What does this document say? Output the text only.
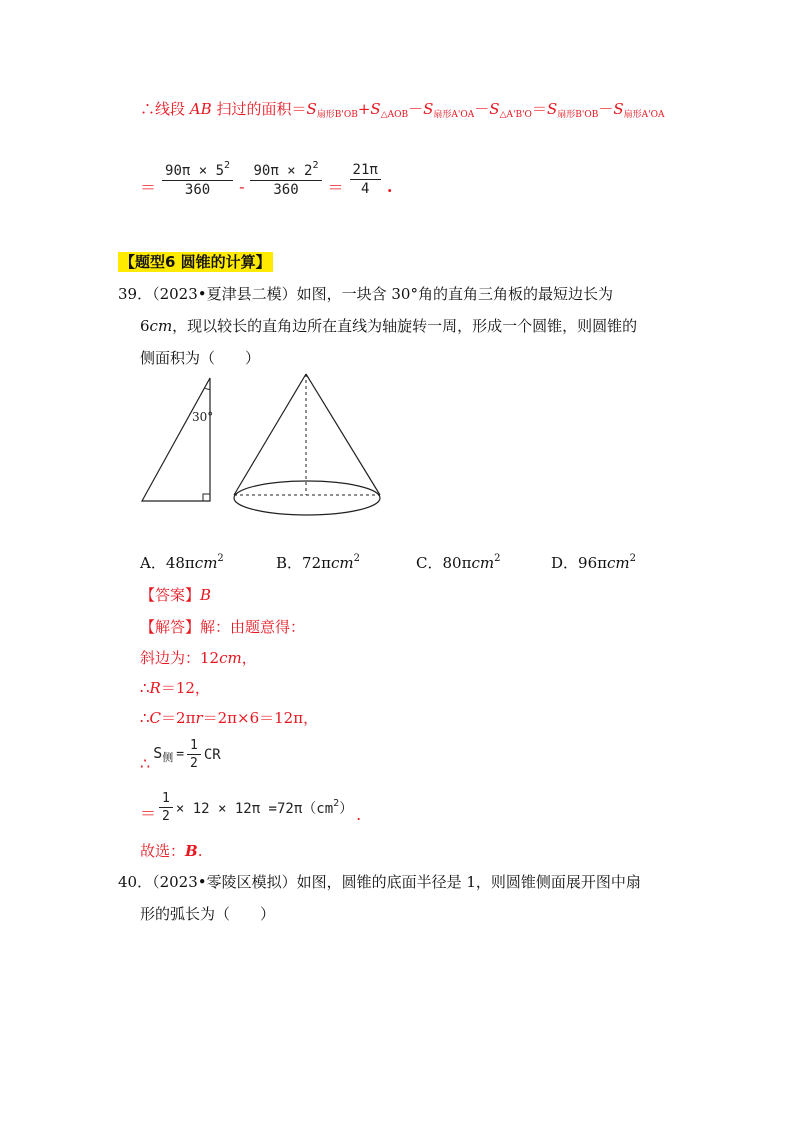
∴线段 AB 扫过的面积$=S_{扇形B'OB}+S_{\triangle AOB}-S_{扇形A'OA}-S_{\triangle A'B'O}=S_{扇形B'OB}-S_{扇形A'OA}$
＝ $\frac{90\pi \times 5^2}{360} - \frac{90\pi \times 2^2}{360} = \frac{21\pi}{4}$ .
【题型6 圆锥的计算】
39．（2023•夏津县二模）如图，一块含 30°角的直角三角板的最短边长为
6cm，现以较长的直角边所在直线为轴旋转一周，形成一个圆锥，则圆锥的
侧面积为（　　）
30°
A．48πcm$^2$	B．72πcm$^2$	C．80πcm$^2$	D．96πcm$^2$
【答案】B
【解答】解：由题意得：
斜边为：12cm，
∴R＝12，
∴C＝2πr＝2π×6＝12π，
∴
$S_侧 = \frac{1}{2}$ CR
＝ $\frac{1}{2} \times 12 \times 12\pi =72\pi(cm^2)$ .
故选：B.
40．（2023•零陵区模拟）如图，圆锥的底面半径是 1，则圆锥侧面展开图中扇
形的弧长为（　　）
